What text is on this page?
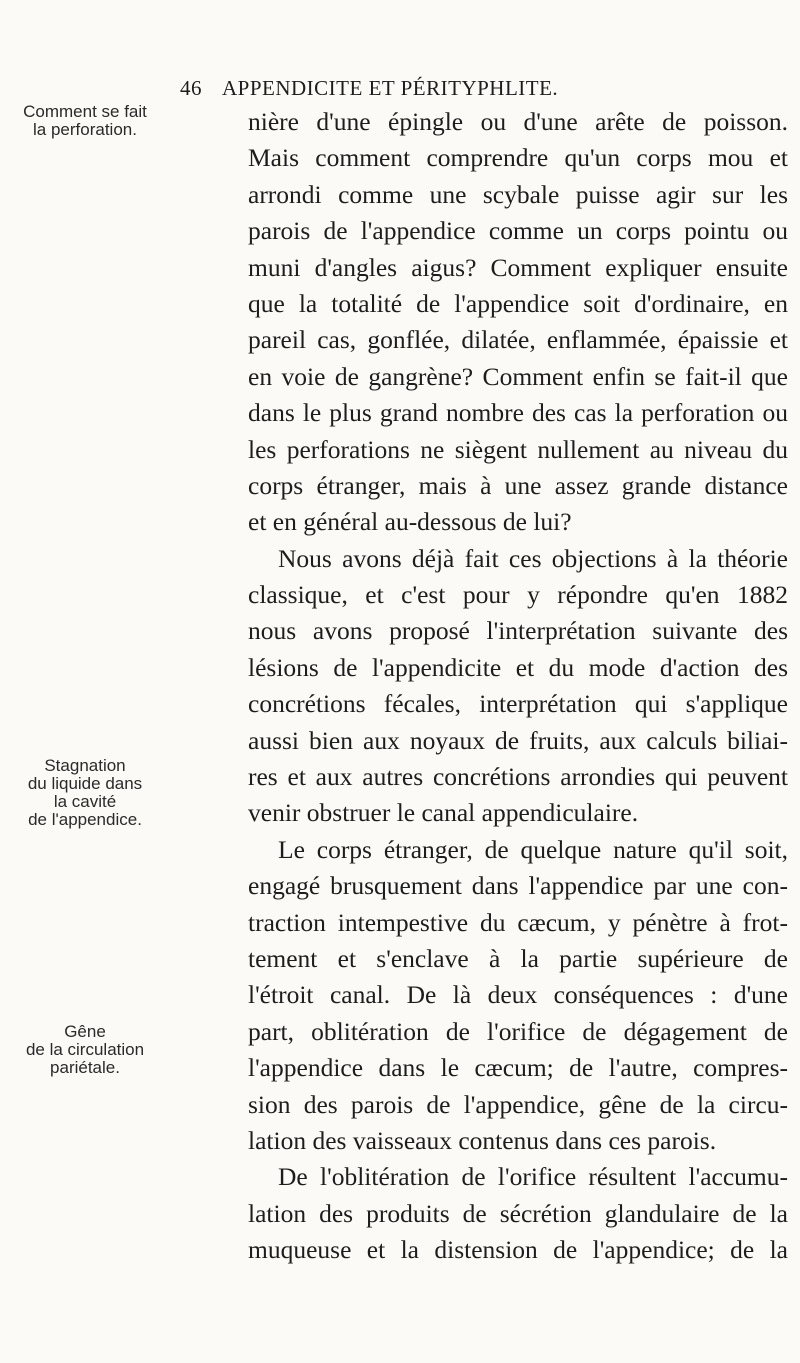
46 APPENDICITE ET PÉRITYPHLITE.
Comment se fait
la perforation.
Stagnation
du liquide dans
la cavité
de l'appendice.
Gêne
de la circulation
pariétale.
nière d'une épingle ou d'une arête de poisson.
Mais comment comprendre qu'un corps mou et
arrondi comme une scybale puisse agir sur les
parois de l'appendice comme un corps pointu ou
muni d'angles aigus? Comment expliquer ensuite
que la totalité de l'appendice soit d'ordinaire, en
pareil cas, gonflée, dilatée, enflammée, épaissie et
en voie de gangrène? Comment enfin se fait-il que
dans le plus grand nombre des cas la perforation ou
les perforations ne siègent nullement au niveau du
corps étranger, mais à une assez grande distance
et en général au-dessous de lui?
Nous avons déjà fait ces objections à la théorie
classique, et c'est pour y répondre qu'en 1882
nous avons proposé l'interprétation suivante des
lésions de l'appendicite et du mode d'action des
concrétions fécales, interprétation qui s'applique
aussi bien aux noyaux de fruits, aux calculs biliai-
res et aux autres concrétions arrondies qui peuvent
venir obstruer le canal appendiculaire.
Le corps étranger, de quelque nature qu'il soit,
engagé brusquement dans l'appendice par une con-
traction intempestive du cæcum, y pénètre à frot-
tement et s'enclave à la partie supérieure de
l'étroit canal. De là deux conséquences : d'une
part, oblitération de l'orifice de dégagement de
l'appendice dans le cæcum; de l'autre, compres-
sion des parois de l'appendice, gêne de la circu-
lation des vaisseaux contenus dans ces parois.
De l'oblitération de l'orifice résultent l'accumu-
lation des produits de sécrétion glandulaire de la
muqueuse et la distension de l'appendice; de la
